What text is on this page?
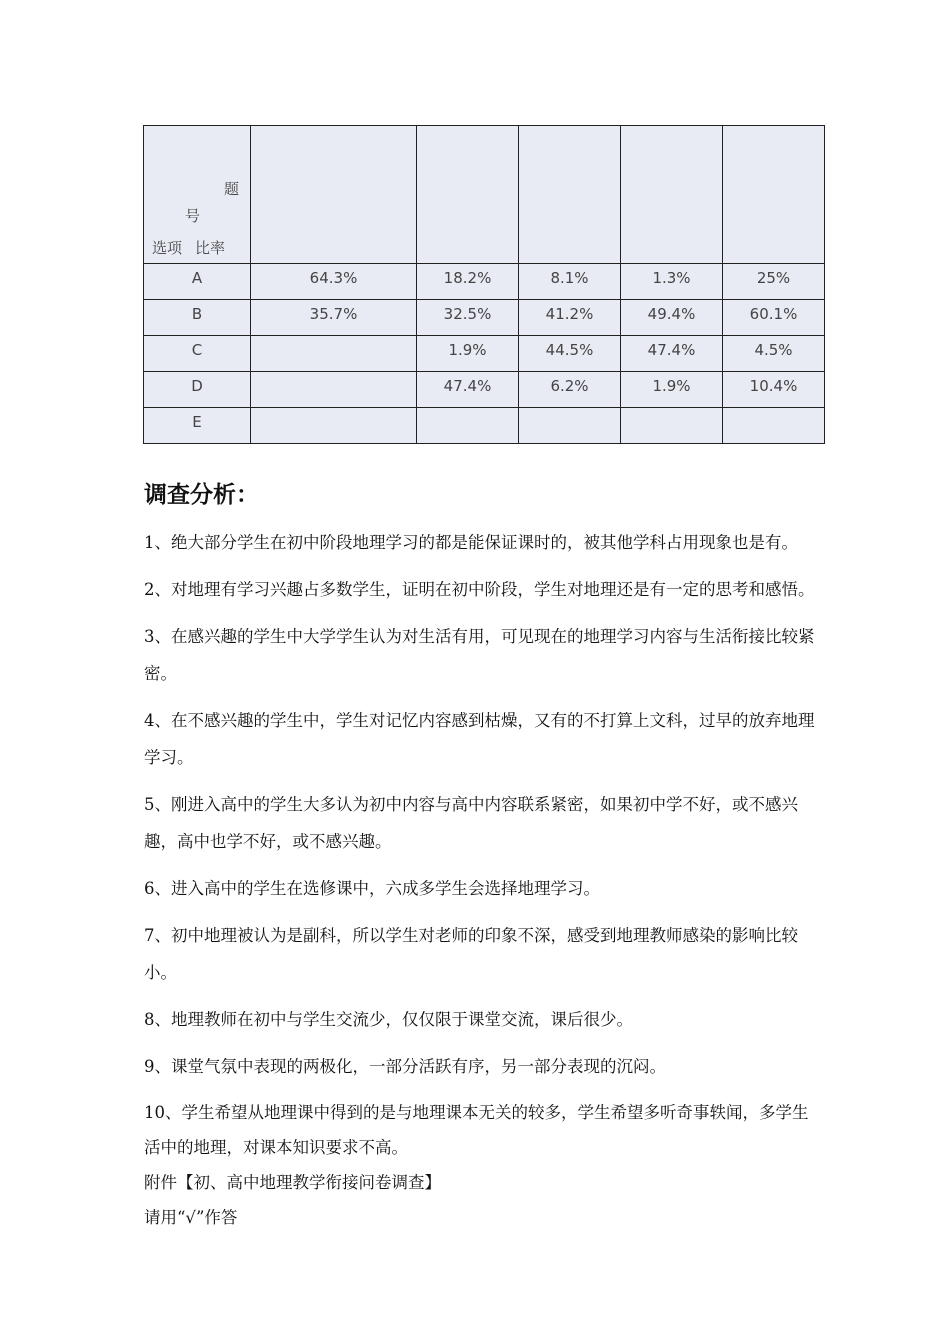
题
号
选项 比率					

A	64.3%	18.2%	8.1%	1.3%	25%
B	35.7%	32.5%	41.2%	49.4%	60.1%
C		1.9%	44.5%	47.4%	4.5%
D		47.4%	6.2%	1.9%	10.4%
E					
调查分析：

1、绝大部分学生在初中阶段地理学习的都是能保证课时的，被其他学科占用现象也是有。

2、对地理有学习兴趣占多数学生，证明在初中阶段，学生对地理还是有一定的思考和感悟。

3、在感兴趣的学生中大学学生认为对生活有用，可见现在的地理学习内容与生活衔接比较紧密。

4、在不感兴趣的学生中，学生对记忆内容感到枯燥，又有的不打算上文科，过早的放弃地理学习。

5、刚进入高中的学生大多认为初中内容与高中内容联系紧密，如果初中学不好，或不感兴趣，高中也学不好，或不感兴趣。

6、进入高中的学生在选修课中，六成多学生会选择地理学习。

7、初中地理被认为是副科，所以学生对老师的印象不深，感受到地理教师感染的影响比较小。

8、地理教师在初中与学生交流少，仅仅限于课堂交流，课后很少。

9、课堂气氛中表现的两极化，一部分活跃有序，另一部分表现的沉闷。

10、学生希望从地理课中得到的是与地理课本无关的较多，学生希望多听奇事轶闻，多学生活中的地理，对课本知识要求不高。

附件【初、高中地理教学衔接问卷调查】

请用“√”作答
